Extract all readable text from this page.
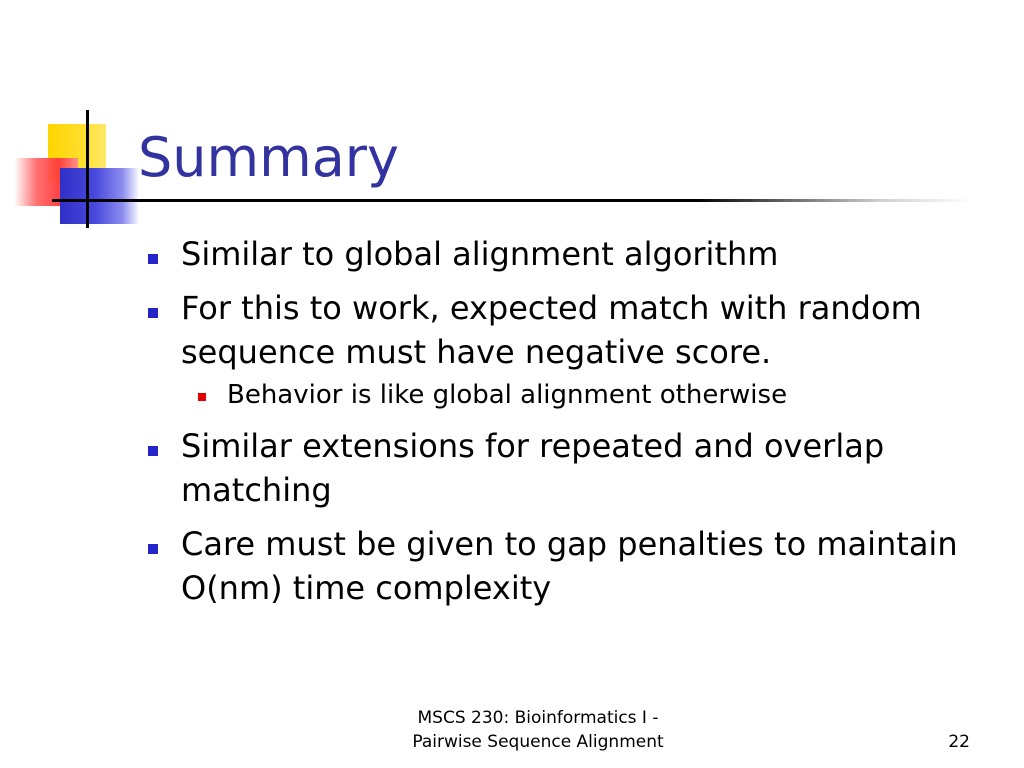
Summary
Similar to global alignment algorithm
For this to work, expected match with random sequence must have negative score.
Behavior is like global alignment otherwise
Similar extensions for repeated and overlap matching
Care must be given to gap penalties to maintain O(nm) time complexity
MSCS 230: Bioinformatics I -
Pairwise Sequence Alignment	22
